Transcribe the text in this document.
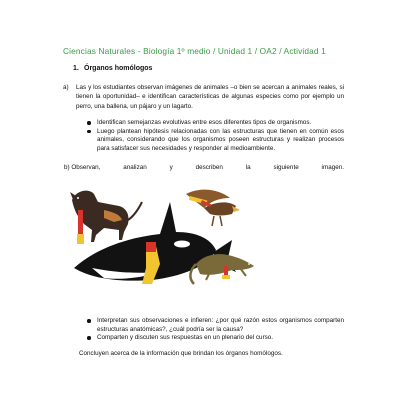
Ciencias Naturales - Biología 1º medio / Unidad 1 / OA2 / Actividad 1
1. Órganos homólogos
a) Las y los estudiantes observan imágenes de animales –o bien se acercan a animales reales, si tienen la oportunidad– e identifican características de algunas especies como por ejemplo un perro, una ballena, un pájaro y un lagarto.
Identifican semejanzas evolutivas entre esos diferentes tipos de organismos.
Luego plantean hipótesis relacionadas con las estructuras que tienen en común esos animales, considerando que los organismos poseen estructuras y realizan procesos para satisfacer sus necesidades y responder al medioambiente.
b) Observan,	analizan	y	describen	la	siguiente	imagen.
Interpretan sus observaciones e infieren: ¿por qué razón estos organismos comparten estructuras anatómicas?, ¿cuál podría ser la causa?
Comparten y discuten sus respuestas en un plenario del curso.
Concluyen acerca de la información que brindan los órganos homólogos.
